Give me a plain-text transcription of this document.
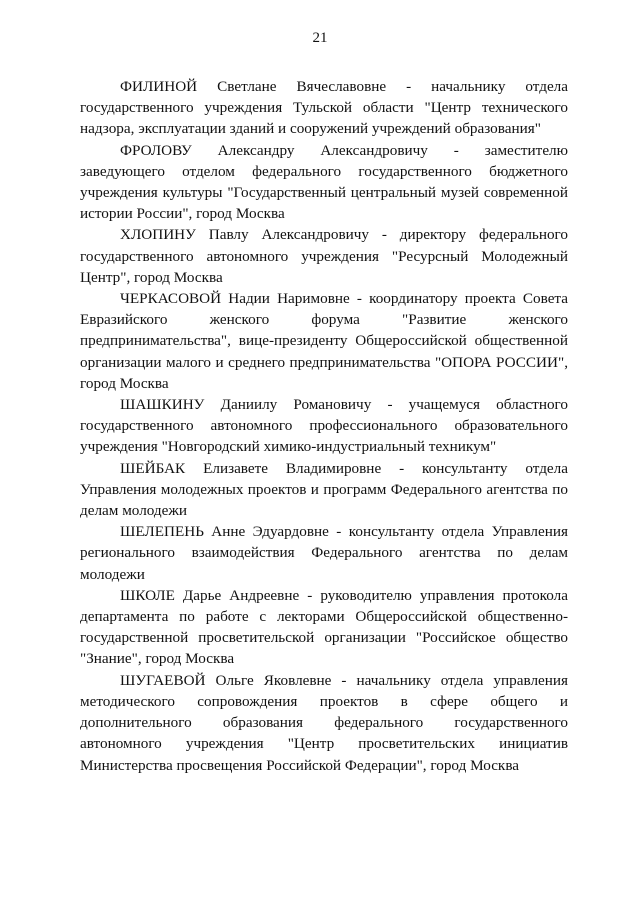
21

ФИЛИНОЙ Светлане Вячеславовне - начальнику отдела государственного учреждения Тульской области "Центр технического надзора, эксплуатации зданий и сооружений учреждений образования"

ФРОЛОВУ Александру Александровичу - заместителю заведующего отделом федерального государственного бюджетного учреждения культуры "Государственный центральный музей современной истории России", город Москва

ХЛОПИНУ Павлу Александровичу - директору федерального государственного автономного учреждения "Ресурсный Молодежный Центр", город Москва

ЧЕРКАСОВОЙ Надии Наримовне - координатору проекта Совета Евразийского женского форума "Развитие женского предпринимательства", вице-президенту Общероссийской общественной организации малого и среднего предпринимательства "ОПОРА РОССИИ", город Москва

ШАШКИНУ Даниилу Романовичу - учащемуся областного государственного автономного профессионального образовательного учреждения "Новгородский химико-индустриальный техникум"

ШЕЙБАК Елизавете Владимировне - консультанту отдела Управления молодежных проектов и программ Федерального агентства по делам молодежи

ШЕЛЕПЕНЬ Анне Эдуардовне - консультанту отдела Управления регионального взаимодействия Федерального агентства по делам молодежи

ШКОЛЕ Дарье Андреевне - руководителю управления протокола департамента по работе с лекторами Общероссийской общественно-государственной просветительской организации "Российское общество "Знание", город Москва

ШУГАЕВОЙ Ольге Яковлевне - начальнику отдела управления методического сопровождения проектов в сфере общего и дополнительного образования федерального государственного автономного учреждения "Центр просветительских инициатив Министерства просвещения Российской Федерации", город Москва
